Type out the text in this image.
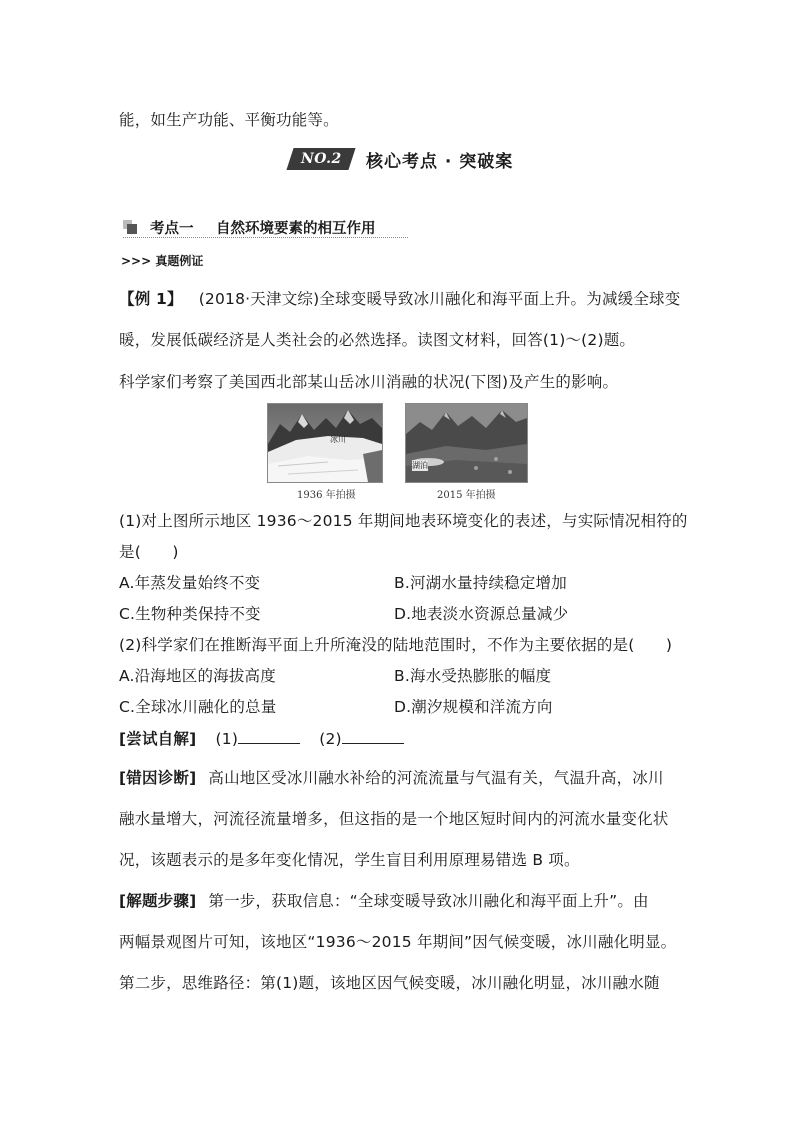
能，如生产功能、平衡功能等。
NO.2 核心考点 · 突破案
考点一 自然环境要素的相互作用
>>> 真题例证
【例 1】 (2018·天津文综)全球变暖导致冰川融化和海平面上升。为减缓全球变
暖，发展低碳经济是人类社会的必然选择。读图文材料，回答(1)～(2)题。
科学家们考察了美国西北部某山岳冰川消融的状况(下图)及产生的影响。
冰川
1936 年拍摄
湖泊
2015 年拍摄
(1)对上图所示地区 1936～2015 年期间地表环境变化的表述，与实际情况相符的
是(　　)
A.年蒸发量始终不变	B.河湖水量持续稳定增加
C.生物种类保持不变	D.地表淡水资源总量减少
(2)科学家们在推断海平面上升所淹没的陆地范围时，不作为主要依据的是(　　)
A.沿海地区的海拔高度	B.海水受热膨胀的幅度
C.全球冰川融化的总量	D.潮汐规模和洋流方向
[尝试自解] (1)	(2)
[错因诊断] 高山地区受冰川融水补给的河流流量与气温有关，气温升高，冰川
融水量增大，河流径流量增多，但这指的是一个地区短时间内的河流水量变化状
况，该题表示的是多年变化情况，学生盲目利用原理易错选 B 项。
[解题步骤] 第一步，获取信息：“全球变暖导致冰川融化和海平面上升”。由
两幅景观图片可知，该地区“1936～2015 年期间”因气候变暖，冰川融化明显。
第二步，思维路径：第(1)题，该地区因气候变暖，冰川融化明显，冰川融水随
